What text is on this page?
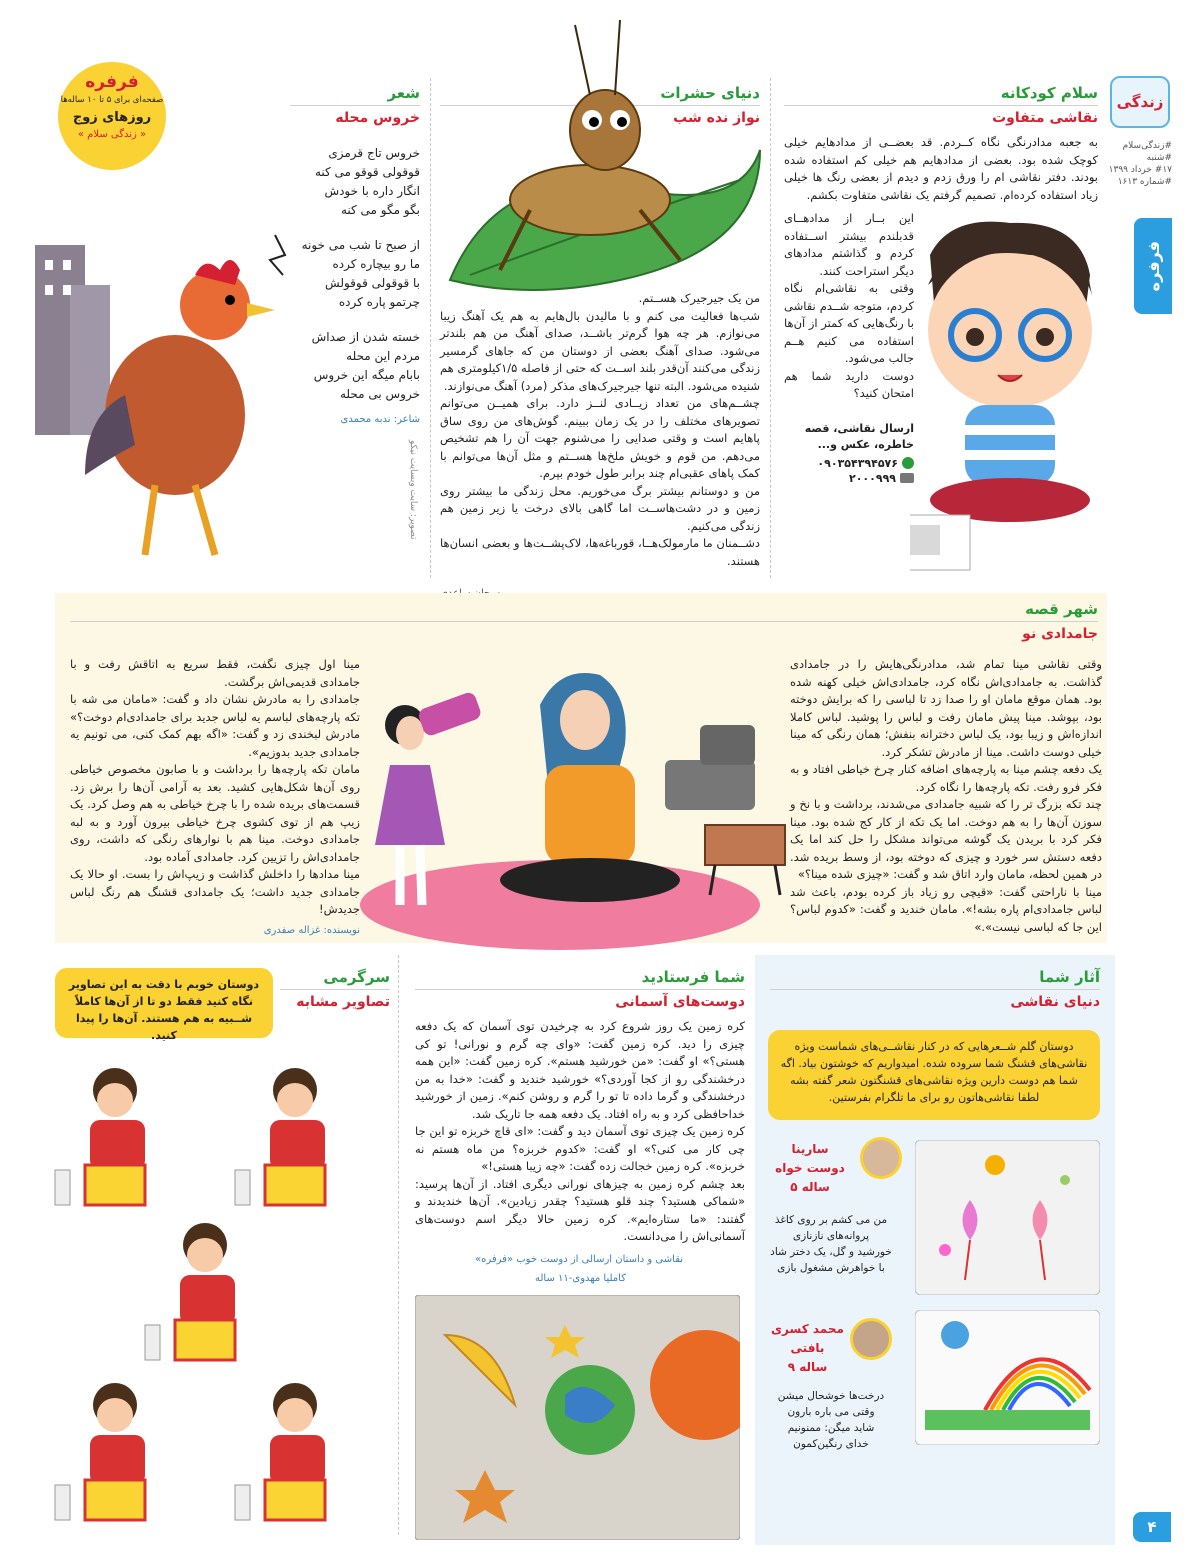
زندگی
#زندگی‌سلام
#شنبه
#۱۷ خرداد ۱۳۹۹
#شماره ۱۶۱۳
فرفره
فرفره
صفحه‌ای برای ۵ تا ۱۰ ساله‌ها
روزهای زوج
« زندگی سلام »
سلام کودکانه
نقاشی متفاوت
به جعبه مدادرنگی نگاه کــردم. قد بعضــی از مدادهایم خیلی کوچک شده بود. بعضی از مدادهایم هم خیلی کم استفاده شده بودند. دفتر نقاشی ام را ورق زدم و دیدم از بعضی رنگ ها خیلی زیاد استفاده کرده‌ام. تصمیم گرفتم یک نقاشی متفاوت بکشم.
این بــار از مدادهــای قدبلندم بیشتر اســتفاده کردم و گذاشتم مدادهای دیگر استراحت کنند.
وقتی به نقاشی‌ام نگاه کردم، متوجه شــدم نقاشی با رنگ‌هایی که کمتر از آن‌ها استفاده می کنیم هــم جالب می‌شود.
دوست دارید شما هم امتحان کنید؟
ارسال نقاشی، قصه خاطره، عکس و...
۰۹۰۳۵۴۳۹۴۵۷۶
۲۰۰۰۹۹۹
دنیای حشرات
نواز نده شب
من یک جیرجیرک هســتم.
شب‌ها فعالیت می کنم و با مالیدن بال‌هایم به هم یک آهنگ زیبا می‌نوازم. هر چه هوا گرم‌تر باشــد، صدای آهنگ من هم بلندتر می‌شود. صدای آهنگ بعضی از دوستان من که جاهای گرمسیر زندگی می‌کنند آن‌قدر بلند اســت که حتی از فاصله ۱/۵کیلومتری هم شنیده می‌شود. البته تنها جیرجیرک‌های مذکر (مرد) آهنگ می‌نوازند.
چشــم‌های من تعداد زیــادی لنــز دارد. برای همیــن می‌توانم تصویرهای مختلف را در یک زمان ببینم. گوش‌های من روی ساق پاهایم است و وقتی صدایی را می‌شنوم جهت آن را هم تشخیص می‌دهم. من قوم و خویش ملخ‌ها هســتم و مثل آن‌ها می‌توانم با کمک پاهای عقبی‌ام چند برابر طول خودم بپرم.
من و دوستانم بیشتر برگ می‌خوریم. محل زندگی ما بیشتر روی زمین و در دشت‌هاســت اما گاهی بالای درخت یا زیر زمین هم زندگی می‌کنیم.
دشــمنان ما مارمولک‌هــا، قورباغه‌ها، لاک‌پشــت‌ها و بعضی انسان‌ها هستند.
تصویر: سایت وبسایت نیکو
شعر
خروس محله
خروس تاج قرمزی
قوقولی قوقو می کنه
انگار داره با خودش
بگو مگو می کنه
از صبح تا شب می خونه
ما رو بیچاره کرده
با قوقولی قوقولش
چرتمو پاره کرده
خسته شدن از صداش
مردم این محله
بابام میگه این خروس
خروس بی محله
شاعر: ندبه محمدی
شهر قصه
جامدادی نو
وقتی نقاشی مینا تمام شد، مدادرنگی‌هایش را در جامدادی گذاشت. به جامدادی‌اش نگاه کرد، جامدادی‌اش خیلی کهنه شده بود. همان موقع مامان او را صدا زد تا لباسی را که برایش دوخته بود، بپوشد. مینا پیش مامان رفت و لباس را پوشید. لباس کاملا اندازه‌اش و زیبا بود، یک لباس دخترانه بنفش؛ همان رنگی که مینا خیلی دوست داشت. مینا از مادرش تشکر کرد.
یک دفعه چشم مینا به پارچه‌های اضافه کنار چرخ خیاطی افتاد و به فکر فرو رفت. تکه‌ پارچه‌ها را نگاه کرد.
چند تکه بزرگ تر را که شبیه جامدادی می‌شدند، برداشت و با نخ و سوزن آن‌ها را به هم دوخت. اما یک تکه از کار کج شده بود. مینا فکر کرد با بریدن یک گوشه می‌تواند مشکل را حل کند اما یک دفعه دستش سر خورد و چیزی که دوخته بود، از وسط بریده شد. در همین لحظه، مامان وارد اتاق شد و گفت: «چیزی شده مینا؟»
مینا با ناراحتی گفت: «قیچی رو زیاد باز کرده بودم، باعث شد لباس جامدادی‌ام پاره بشه!». مامان خندید و گفت: «کدوم لباس؟ این جا که لباسی نیست».»
مینا اول چیزی نگفت، فقط سریع به اتاقش رفت و با جامدادی قدیمی‌اش برگشت.
جامدادی را به مادرش نشان داد و گفت: «مامان می شه با تکه پارچه‌های لباسم یه لباس جدید برای جامدادی‌ام دوخت؟» مادرش لبخندی زد و گفت: «اگه بهم کمک کنی، می تونیم یه جامدادی جدید بدوزیم».
مامان تکه پارچه‌ها را برداشت و با صابون مخصوص خیاطی روی آن‌ها شکل‌هایی کشید. بعد به آرامی آن‌ها را برش زد. قسمت‌های بریده شده را با چرخ خیاطی به هم وصل کرد. یک زیپ هم از توی کشوی چرخ خیاطی بیرون آورد و به لبه جامدادی دوخت. مینا هم با نوارهای رنگی که داشت، روی جامدادی‌اش را تزیین کرد. جامدادی آماده بود.
مینا مدادها را داخلش گذاشت و زیپ‌اش را بست. او حالا یک جامدادی جدید داشت؛ یک جامدادی قشنگ هم رنگ لباس جدیدش!
نویسنده: غزاله صفدری
آثار شما
دنیای نقاشی
دوستان گلم شــعرهایی که در کنار نقاشــی‌های شماست ویژه نقاشی‌های قشنگ شما سروده شده. امیدواریم که خوشتون بیاد. اگه شما هم دوست دارین ویژه نقاشی‌های قشنگتون شعر گفته بشه لطفا نقاشی‌هاتون رو برای ما تلگرام بفرستین.
سارینا
دوست خواه
۵ ساله
من می کشم بر روی کاغذ
پروانه‌های نازنازی
خورشید و گل، یک دختر شاد
با خواهرش مشغول بازی
محمد کسری
بافتی
۹ ساله
درخت‌ها خوشحال میشن
وقتی می باره بارون
شاید میگن: ممنونیم
خدای رنگین‌کمون
شما فرستادید
دوست‌های آسمانی
کره زمین یک روز شروع کرد به چرخیدن توی آسمان که یک دفعه چیزی را دید. کره زمین گفت: «وای چه گرم و نورانی! تو کی هستی؟» او گفت: «من خورشید هستم». کره زمین گفت: «این همه درخشندگی رو از کجا آوردی؟» خورشید خندید و گفت: «خدا به من درخشندگی و گرما داده تا تو را گرم و روشن کنم». زمین از خورشید خداحافظی کرد و به راه افتاد. یک دفعه همه جا تاریک شد.
کره زمین یک چیزی توی آسمان دید و گفت: «ای قاچ خربزه تو این جا چی کار می کنی؟» او گفت: «کدوم خربزه؟ من ماه هستم نه خربزه». کره زمین خجالت زده گفت: «چه زیبا هستی!»
بعد چشم کره زمین به چیزهای نورانی دیگری افتاد. از آن‌ها پرسید: «شماکی هستید؟ چند قلو هستید؟ چقدر زیادین». آن‌ها خندیدند و گفتند: «ما ستاره‌ایم». کره زمین حالا دیگر اسم دوست‌های آسمانی‌اش را می‌دانست.
نقاشی و داستان ارسالی از دوست خوب «فرفره»
کاملیا مهدوی-۱۱ ساله
سرگرمی
تصاویر مشابه
دوستان خوبم با دقت به این تصاویر نگاه کنید فقط دو تا از آن‌ها کاملاً شــبیه به هم هستند. آن‌ها را پیدا کنید.
۴
